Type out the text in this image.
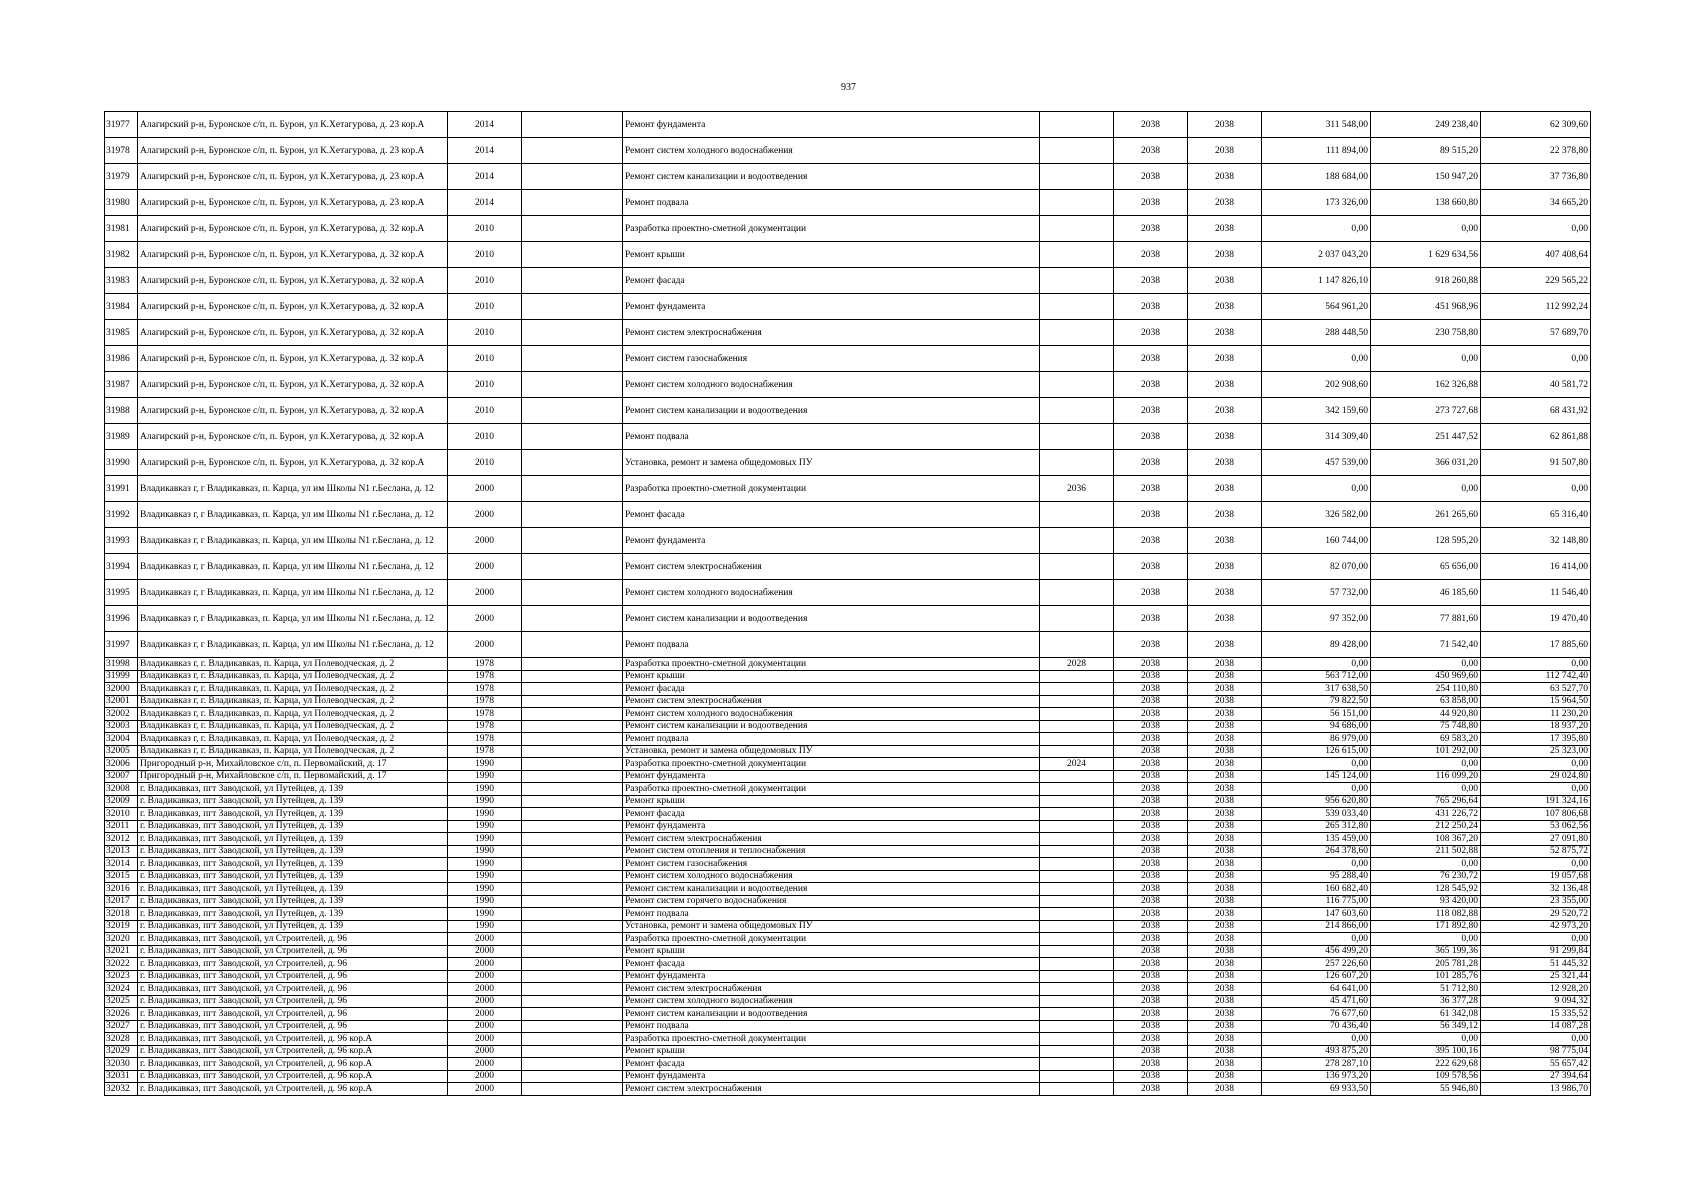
937
31977	Алагирский р-н, Буронское с/п, п. Бурон, ул К.Хетагурова, д. 23 кор.А	2014		Ремонт фундамента		2038	2038	311 548,00	249 238,40	62 309,60
31978	Алагирский р-н, Буронское с/п, п. Бурон, ул К.Хетагурова, д. 23 кор.А	2014		Ремонт систем холодного водоснабжения		2038	2038	111 894,00	89 515,20	22 378,80
31979	Алагирский р-н, Буронское с/п, п. Бурон, ул К.Хетагурова, д. 23 кор.А	2014		Ремонт систем канализации и водоотведения		2038	2038	188 684,00	150 947,20	37 736,80
31980	Алагирский р-н, Буронское с/п, п. Бурон, ул К.Хетагурова, д. 23 кор.А	2014		Ремонт подвала		2038	2038	173 326,00	138 660,80	34 665,20
31981	Алагирский р-н, Буронское с/п, п. Бурон, ул К.Хетагурова, д. 32 кор.А	2010		Разработка проектно-сметной документации		2038	2038	0,00	0,00	0,00
31982	Алагирский р-н, Буронское с/п, п. Бурон, ул К.Хетагурова, д. 32 кор.А	2010		Ремонт крыши		2038	2038	2 037 043,20	1 629 634,56	407 408,64
31983	Алагирский р-н, Буронское с/п, п. Бурон, ул К.Хетагурова, д. 32 кор.А	2010		Ремонт фасада		2038	2038	1 147 826,10	918 260,88	229 565,22
31984	Алагирский р-н, Буронское с/п, п. Бурон, ул К.Хетагурова, д. 32 кор.А	2010		Ремонт фундамента		2038	2038	564 961,20	451 968,96	112 992,24
31985	Алагирский р-н, Буронское с/п, п. Бурон, ул К.Хетагурова, д. 32 кор.А	2010		Ремонт систем электроснабжения		2038	2038	288 448,50	230 758,80	57 689,70
31986	Алагирский р-н, Буронское с/п, п. Бурон, ул К.Хетагурова, д. 32 кор.А	2010		Ремонт систем газоснабжения		2038	2038	0,00	0,00	0,00
31987	Алагирский р-н, Буронское с/п, п. Бурон, ул К.Хетагурова, д. 32 кор.А	2010		Ремонт систем холодного водоснабжения		2038	2038	202 908,60	162 326,88	40 581,72
31988	Алагирский р-н, Буронское с/п, п. Бурон, ул К.Хетагурова, д. 32 кор.А	2010		Ремонт систем канализации и водоотведения		2038	2038	342 159,60	273 727,68	68 431,92
31989	Алагирский р-н, Буронское с/п, п. Бурон, ул К.Хетагурова, д. 32 кор.А	2010		Ремонт подвала		2038	2038	314 309,40	251 447,52	62 861,88
31990	Алагирский р-н, Буронское с/п, п. Бурон, ул К.Хетагурова, д. 32 кор.А	2010		Установка, ремонт и замена общедомовых ПУ		2038	2038	457 539,00	366 031,20	91 507,80
31991	Владикавказ г, г Владикавказ, п. Карца, ул им Школы N1 г.Беслана, д. 12	2000		Разработка проектно-сметной документации	2036	2038	2038	0,00	0,00	0,00
31992	Владикавказ г, г Владикавказ, п. Карца, ул им Школы N1 г.Беслана, д. 12	2000		Ремонт фасада		2038	2038	326 582,00	261 265,60	65 316,40
31993	Владикавказ г, г Владикавказ, п. Карца, ул им Школы N1 г.Беслана, д. 12	2000		Ремонт фундамента		2038	2038	160 744,00	128 595,20	32 148,80
31994	Владикавказ г, г Владикавказ, п. Карца, ул им Школы N1 г.Беслана, д. 12	2000		Ремонт систем электроснабжения		2038	2038	82 070,00	65 656,00	16 414,00
31995	Владикавказ г, г Владикавказ, п. Карца, ул им Школы N1 г.Беслана, д. 12	2000		Ремонт систем холодного водоснабжения		2038	2038	57 732,00	46 185,60	11 546,40
31996	Владикавказ г, г Владикавказ, п. Карца, ул им Школы N1 г.Беслана, д. 12	2000		Ремонт систем канализации и водоотведения		2038	2038	97 352,00	77 881,60	19 470,40
31997	Владикавказ г, г Владикавказ, п. Карца, ул им Школы N1 г.Беслана, д. 12	2000		Ремонт подвала		2038	2038	89 428,00	71 542,40	17 885,60
31998	Владикавказ г, г. Владикавказ, п. Карца, ул Полеводческая, д. 2	1978		Разработка проектно-сметной документации	2028	2038	2038	0,00	0,00	0,00
31999	Владикавказ г, г. Владикавказ, п. Карца, ул Полеводческая, д. 2	1978		Ремонт крыши		2038	2038	563 712,00	450 969,60	112 742,40
32000	Владикавказ г, г. Владикавказ, п. Карца, ул Полеводческая, д. 2	1978		Ремонт фасада		2038	2038	317 638,50	254 110,80	63 527,70
32001	Владикавказ г, г. Владикавказ, п. Карца, ул Полеводческая, д. 2	1978		Ремонт систем электроснабжения		2038	2038	79 822,50	63 858,00	15 964,50
32002	Владикавказ г, г. Владикавказ, п. Карца, ул Полеводческая, д. 2	1978		Ремонт систем холодного водоснабжения		2038	2038	56 151,00	44 920,80	11 230,20
32003	Владикавказ г, г. Владикавказ, п. Карца, ул Полеводческая, д. 2	1978		Ремонт систем канализации и водоотведения		2038	2038	94 686,00	75 748,80	18 937,20
32004	Владикавказ г, г. Владикавказ, п. Карца, ул Полеводческая, д. 2	1978		Ремонт подвала		2038	2038	86 979,00	69 583,20	17 395,80
32005	Владикавказ г, г. Владикавказ, п. Карца, ул Полеводческая, д. 2	1978		Установка, ремонт и замена общедомовых ПУ		2038	2038	126 615,00	101 292,00	25 323,00
32006	Пригородный р-н, Михайловское с/п, п. Первомайский, д. 17	1990		Разработка проектно-сметной документации	2024	2038	2038	0,00	0,00	0,00
32007	Пригородный р-н, Михайловское с/п, п. Первомайский, д. 17	1990		Ремонт фундамента		2038	2038	145 124,00	116 099,20	29 024,80
32008	г. Владикавказ, пгт Заводской, ул Путейцев, д. 139	1990		Разработка проектно-сметной документации		2038	2038	0,00	0,00	0,00
32009	г. Владикавказ, пгт Заводской, ул Путейцев, д. 139	1990		Ремонт крыши		2038	2038	956 620,80	765 296,64	191 324,16
32010	г. Владикавказ, пгт Заводской, ул Путейцев, д. 139	1990		Ремонт фасада		2038	2038	539 033,40	431 226,72	107 806,68
32011	г. Владикавказ, пгт Заводской, ул Путейцев, д. 139	1990		Ремонт фундамента		2038	2038	265 312,80	212 250,24	53 062,56
32012	г. Владикавказ, пгт Заводской, ул Путейцев, д. 139	1990		Ремонт систем электроснабжения		2038	2038	135 459,00	108 367,20	27 091,80
32013	г. Владикавказ, пгт Заводской, ул Путейцев, д. 139	1990		Ремонт систем отопления и теплоснабжения		2038	2038	264 378,60	211 502,88	52 875,72
32014	г. Владикавказ, пгт Заводской, ул Путейцев, д. 139	1990		Ремонт систем газоснабжения		2038	2038	0,00	0,00	0,00
32015	г. Владикавказ, пгт Заводской, ул Путейцев, д. 139	1990		Ремонт систем холодного водоснабжения		2038	2038	95 288,40	76 230,72	19 057,68
32016	г. Владикавказ, пгт Заводской, ул Путейцев, д. 139	1990		Ремонт систем канализации и водоотведения		2038	2038	160 682,40	128 545,92	32 136,48
32017	г. Владикавказ, пгт Заводской, ул Путейцев, д. 139	1990		Ремонт систем горячего водоснабжения		2038	2038	116 775,00	93 420,00	23 355,00
32018	г. Владикавказ, пгт Заводской, ул Путейцев, д. 139	1990		Ремонт подвала		2038	2038	147 603,60	118 082,88	29 520,72
32019	г. Владикавказ, пгт Заводской, ул Путейцев, д. 139	1990		Установка, ремонт и замена общедомовых ПУ		2038	2038	214 866,00	171 892,80	42 973,20
32020	г. Владикавказ, пгт Заводской, ул Строителей, д. 96	2000		Разработка проектно-сметной документации		2038	2038	0,00	0,00	0,00
32021	г. Владикавказ, пгт Заводской, ул Строителей, д. 96	2000		Ремонт крыши		2038	2038	456 499,20	365 199,36	91 299,84
32022	г. Владикавказ, пгт Заводской, ул Строителей, д. 96	2000		Ремонт фасада		2038	2038	257 226,60	205 781,28	51 445,32
32023	г. Владикавказ, пгт Заводской, ул Строителей, д. 96	2000		Ремонт фундамента		2038	2038	126 607,20	101 285,76	25 321,44
32024	г. Владикавказ, пгт Заводской, ул Строителей, д. 96	2000		Ремонт систем электроснабжения		2038	2038	64 641,00	51 712,80	12 928,20
32025	г. Владикавказ, пгт Заводской, ул Строителей, д. 96	2000		Ремонт систем холодного водоснабжения		2038	2038	45 471,60	36 377,28	9 094,32
32026	г. Владикавказ, пгт Заводской, ул Строителей, д. 96	2000		Ремонт систем канализации и водоотведения		2038	2038	76 677,60	61 342,08	15 335,52
32027	г. Владикавказ, пгт Заводской, ул Строителей, д. 96	2000		Ремонт подвала		2038	2038	70 436,40	56 349,12	14 087,28
32028	г. Владикавказ, пгт Заводской, ул Строителей, д. 96 кор.А	2000		Разработка проектно-сметной документации		2038	2038	0,00	0,00	0,00
32029	г. Владикавказ, пгт Заводской, ул Строителей, д. 96 кор.А	2000		Ремонт крыши		2038	2038	493 875,20	395 100,16	98 775,04
32030	г. Владикавказ, пгт Заводской, ул Строителей, д. 96 кор.А	2000		Ремонт фасада		2038	2038	278 287,10	222 629,68	55 657,42
32031	г. Владикавказ, пгт Заводской, ул Строителей, д. 96 кор.А	2000		Ремонт фундамента		2038	2038	136 973,20	109 578,56	27 394,64
32032	г. Владикавказ, пгт Заводской, ул Строителей, д. 96 кор.А	2000		Ремонт систем электроснабжения		2038	2038	69 933,50	55 946,80	13 986,70
